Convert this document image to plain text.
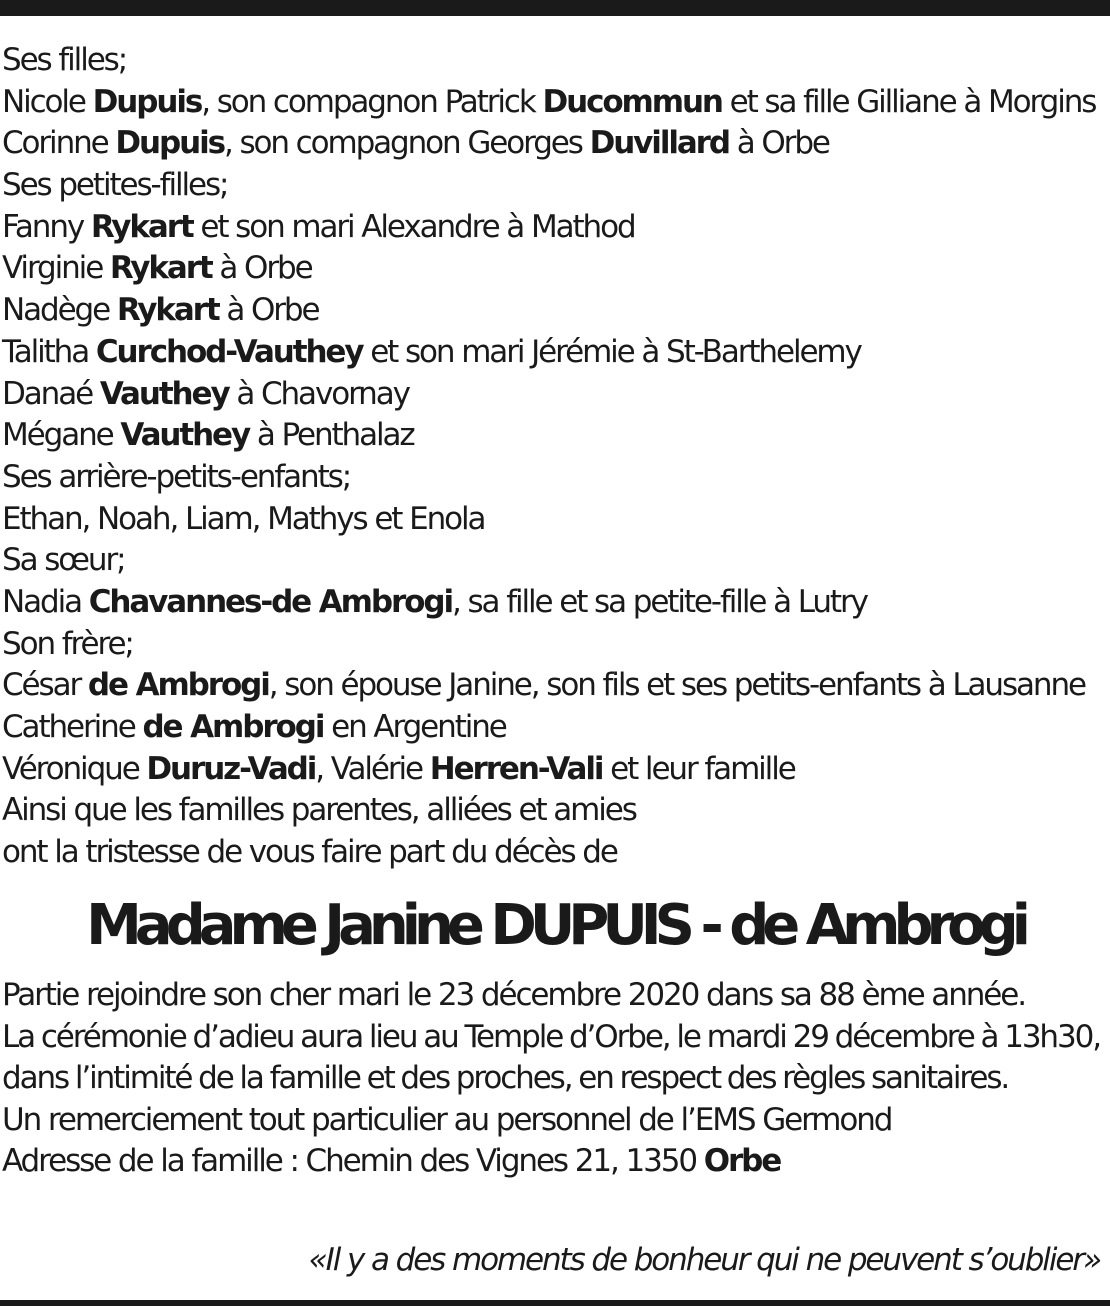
Ses filles;
Nicole Dupuis, son compagnon Patrick Ducommun et sa fille Gilliane à Morgins
Corinne Dupuis, son compagnon Georges Duvillard à Orbe
Ses petites-filles;
Fanny Rykart et son mari Alexandre à Mathod
Virginie Rykart à Orbe
Nadège Rykart à Orbe
Talitha Curchod-Vauthey et son mari Jérémie à St-Barthelemy
Danaé Vauthey à Chavornay
Mégane Vauthey à Penthalaz
Ses arrière-petits-enfants;
Ethan, Noah, Liam, Mathys et Enola
Sa sœur;
Nadia Chavannes-de Ambrogi, sa fille et sa petite-fille à Lutry
Son frère;
César de Ambrogi, son épouse Janine, son fils et ses petits-enfants à Lausanne
Catherine de Ambrogi en Argentine
Véronique Duruz-Vadi, Valérie Herren-Vali et leur famille
Ainsi que les familles parentes, alliées et amies
ont la tristesse de vous faire part du décès de
Madame Janine DUPUIS - de Ambrogi
Partie rejoindre son cher mari le 23 décembre 2020 dans sa 88 ème année.
La cérémonie d’adieu aura lieu au Temple d’Orbe, le mardi 29 décembre à 13h30, dans l’intimité de la famille et des proches, en respect des règles sanitaires.
Un remerciement tout particulier au personnel de l’EMS Germond
Adresse de la famille : Chemin des Vignes 21, 1350 Orbe
«Il y a des moments de bonheur qui ne peuvent s’oublier»
